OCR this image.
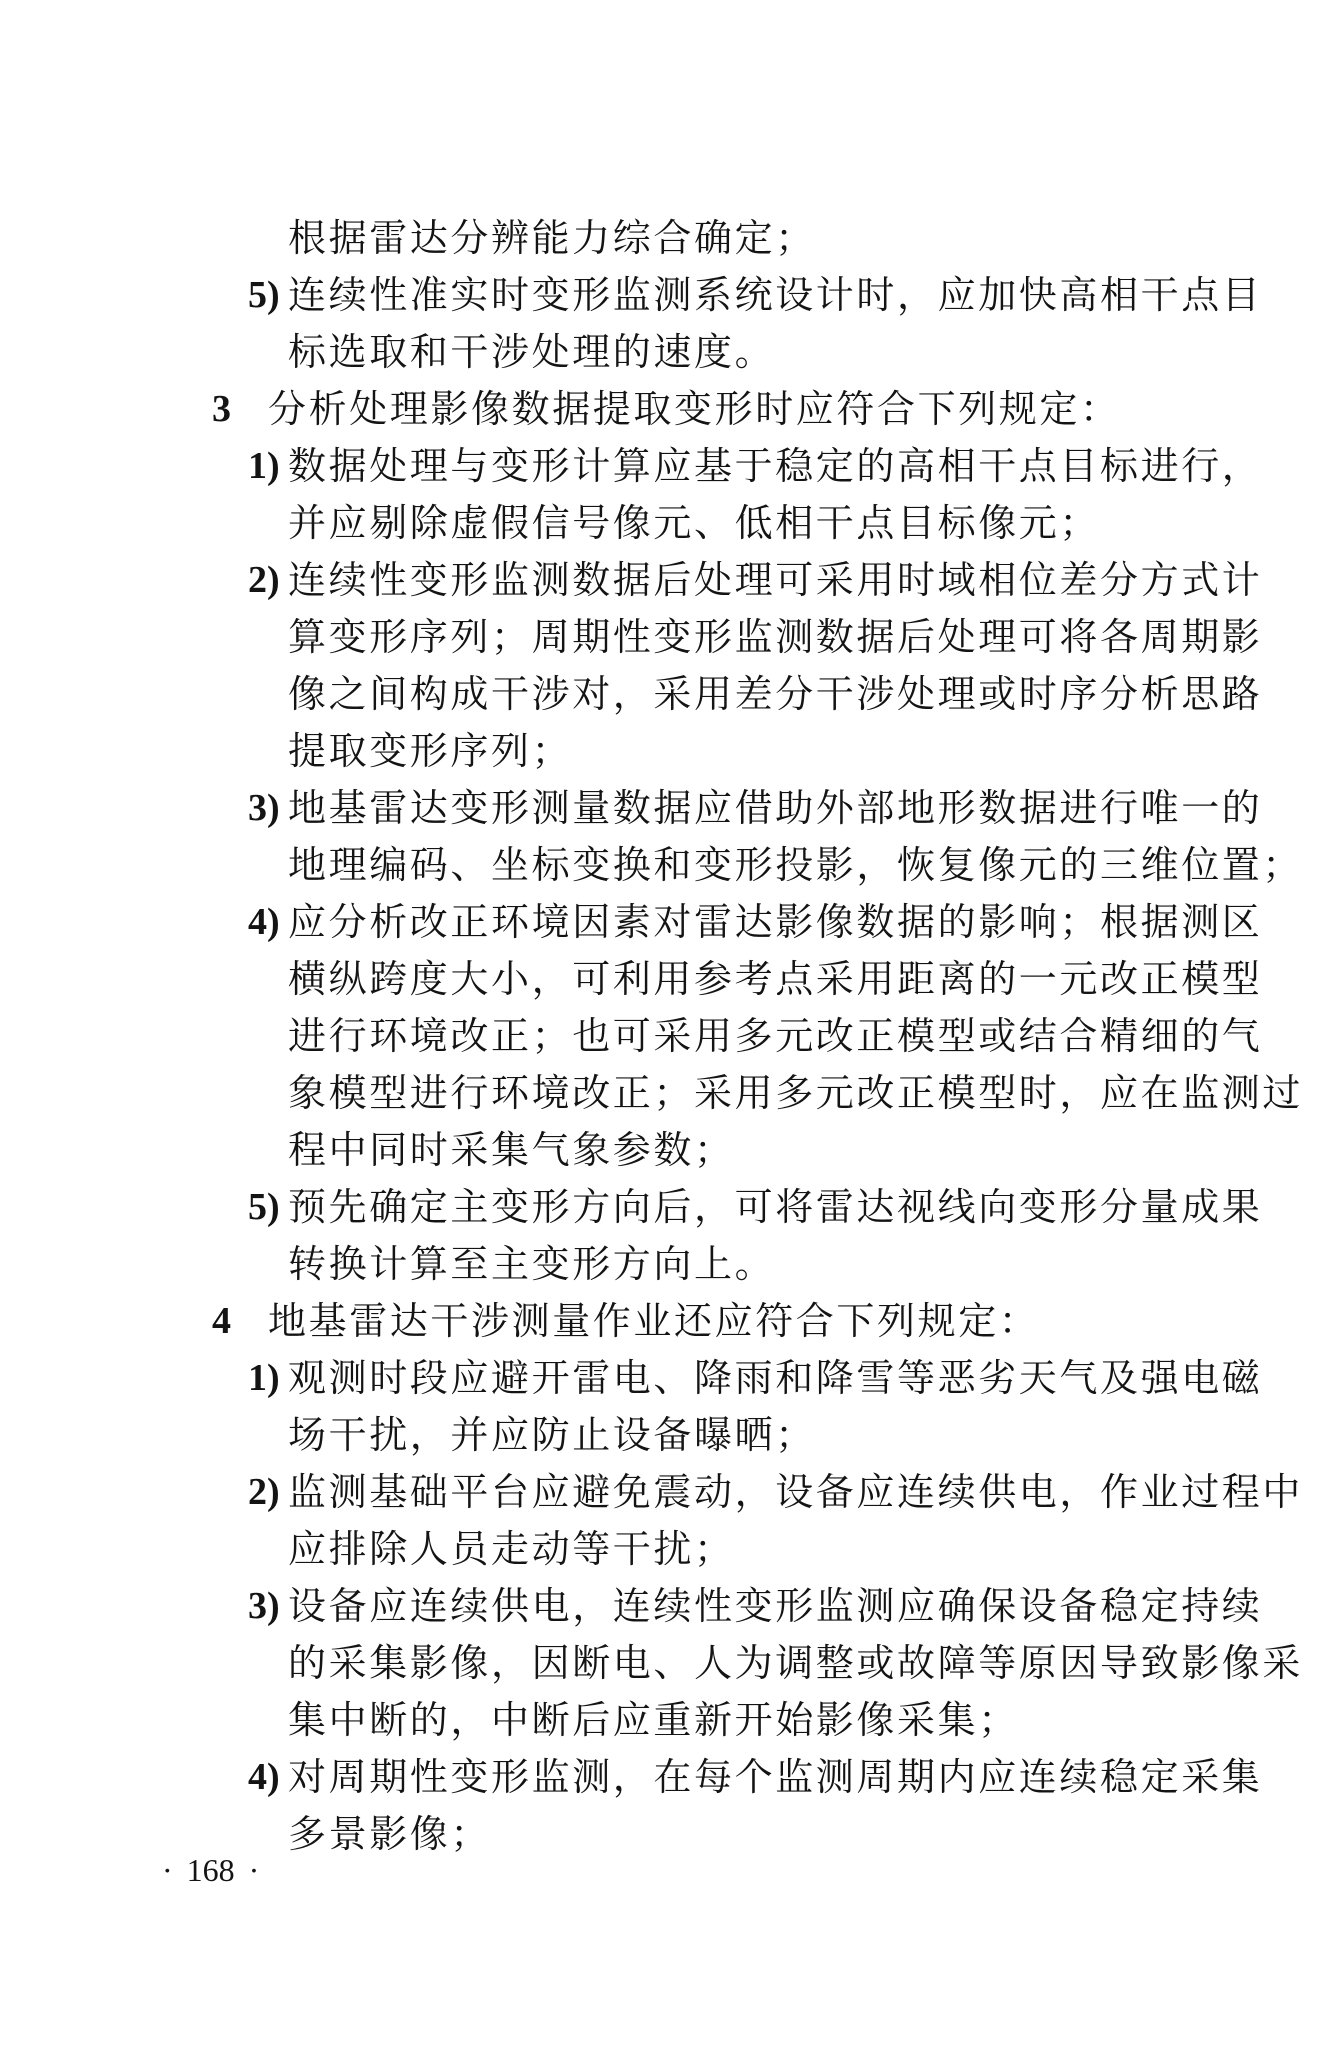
根据雷达分辨能力综合确定；
5) 连续性准实时变形监测系统设计时，应加快高相干点目
标选取和干涉处理的速度。
3 分析处理影像数据提取变形时应符合下列规定：
1) 数据处理与变形计算应基于稳定的高相干点目标进行，
并应剔除虚假信号像元、低相干点目标像元；
2) 连续性变形监测数据后处理可采用时域相位差分方式计
算变形序列；周期性变形监测数据后处理可将各周期影
像之间构成干涉对，采用差分干涉处理或时序分析思路
提取变形序列；
3) 地基雷达变形测量数据应借助外部地形数据进行唯一的
地理编码、坐标变换和变形投影，恢复像元的三维位置；
4) 应分析改正环境因素对雷达影像数据的影响；根据测区
横纵跨度大小，可利用参考点采用距离的一元改正模型
进行环境改正；也可采用多元改正模型或结合精细的气
象模型进行环境改正；采用多元改正模型时，应在监测过
程中同时采集气象参数；
5) 预先确定主变形方向后，可将雷达视线向变形分量成果
转换计算至主变形方向上。
4 地基雷达干涉测量作业还应符合下列规定：
1) 观测时段应避开雷电、降雨和降雪等恶劣天气及强电磁
场干扰，并应防止设备曝晒；
2) 监测基础平台应避免震动，设备应连续供电，作业过程中
应排除人员走动等干扰；
3) 设备应连续供电，连续性变形监测应确保设备稳定持续
的采集影像，因断电、人为调整或故障等原因导致影像采
集中断的，中断后应重新开始影像采集；
4) 对周期性变形监测，在每个监测周期内应连续稳定采集
多景影像；
· 168 ·
